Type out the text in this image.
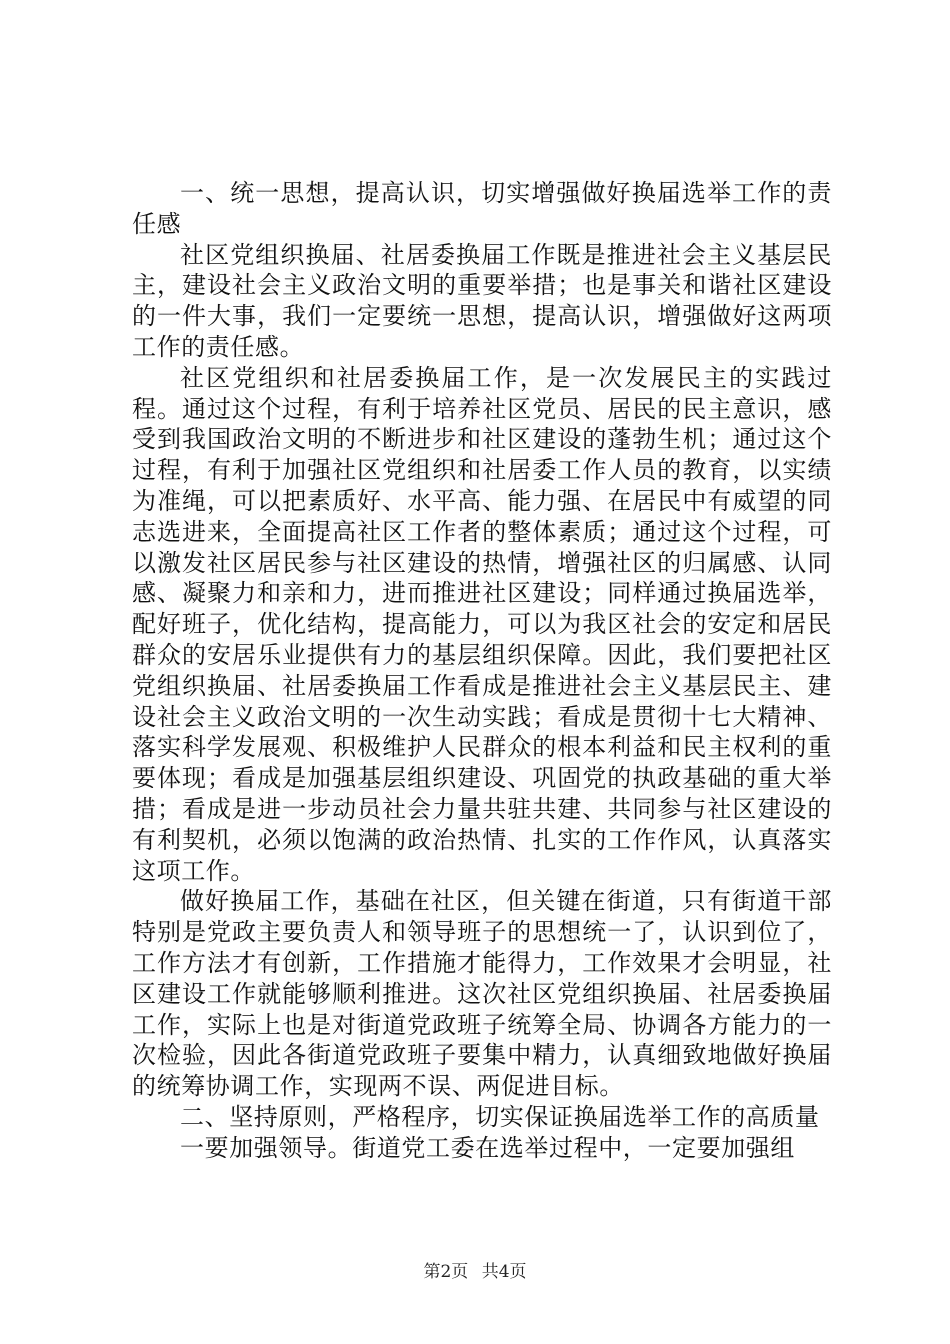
一、统一思想，提高认识，切实增强做好换届选举工作的责任感

社区党组织换届、社居委换届工作既是推进社会主义基层民主，建设社会主义政治文明的重要举措；也是事关和谐社区建设的一件大事，我们一定要统一思想，提高认识，增强做好这两项工作的责任感。

社区党组织和社居委换届工作，是一次发展民主的实践过程。通过这个过程，有利于培养社区党员、居民的民主意识，感受到我国政治文明的不断进步和社区建设的蓬勃生机；通过这个过程，有利于加强社区党组织和社居委工作人员的教育，以实绩为准绳，可以把素质好、水平高、能力强、在居民中有威望的同志选进来，全面提高社区工作者的整体素质；通过这个过程，可以激发社区居民参与社区建设的热情，增强社区的归属感、认同感、凝聚力和亲和力，进而推进社区建设；同样通过换届选举，配好班子，优化结构，提高能力，可以为我区社会的安定和居民群众的安居乐业提供有力的基层组织保障。因此，我们要把社区党组织换届、社居委换届工作看成是推进社会主义基层民主、建设社会主义政治文明的一次生动实践；看成是贯彻十七大精神、落实科学发展观、积极维护人民群众的根本利益和民主权利的重要体现；看成是加强基层组织建设、巩固党的执政基础的重大举措；看成是进一步动员社会力量共驻共建、共同参与社区建设的有利契机，必须以饱满的政治热情、扎实的工作作风，认真落实这项工作。

做好换届工作，基础在社区，但关键在街道，只有街道干部特别是党政主要负责人和领导班子的思想统一了，认识到位了，工作方法才有创新，工作措施才能得力，工作效果才会明显，社区建设工作就能够顺利推进。这次社区党组织换届、社居委换届工作，实际上也是对街道党政班子统筹全局、协调各方能力的一次检验，因此各街道党政班子要集中精力，认真细致地做好换届的统筹协调工作，实现两不误、两促进目标。

二、坚持原则，严格程序，切实保证换届选举工作的高质量

一要加强领导。街道党工委在选举过程中，一定要加强组

第2页 共4页
